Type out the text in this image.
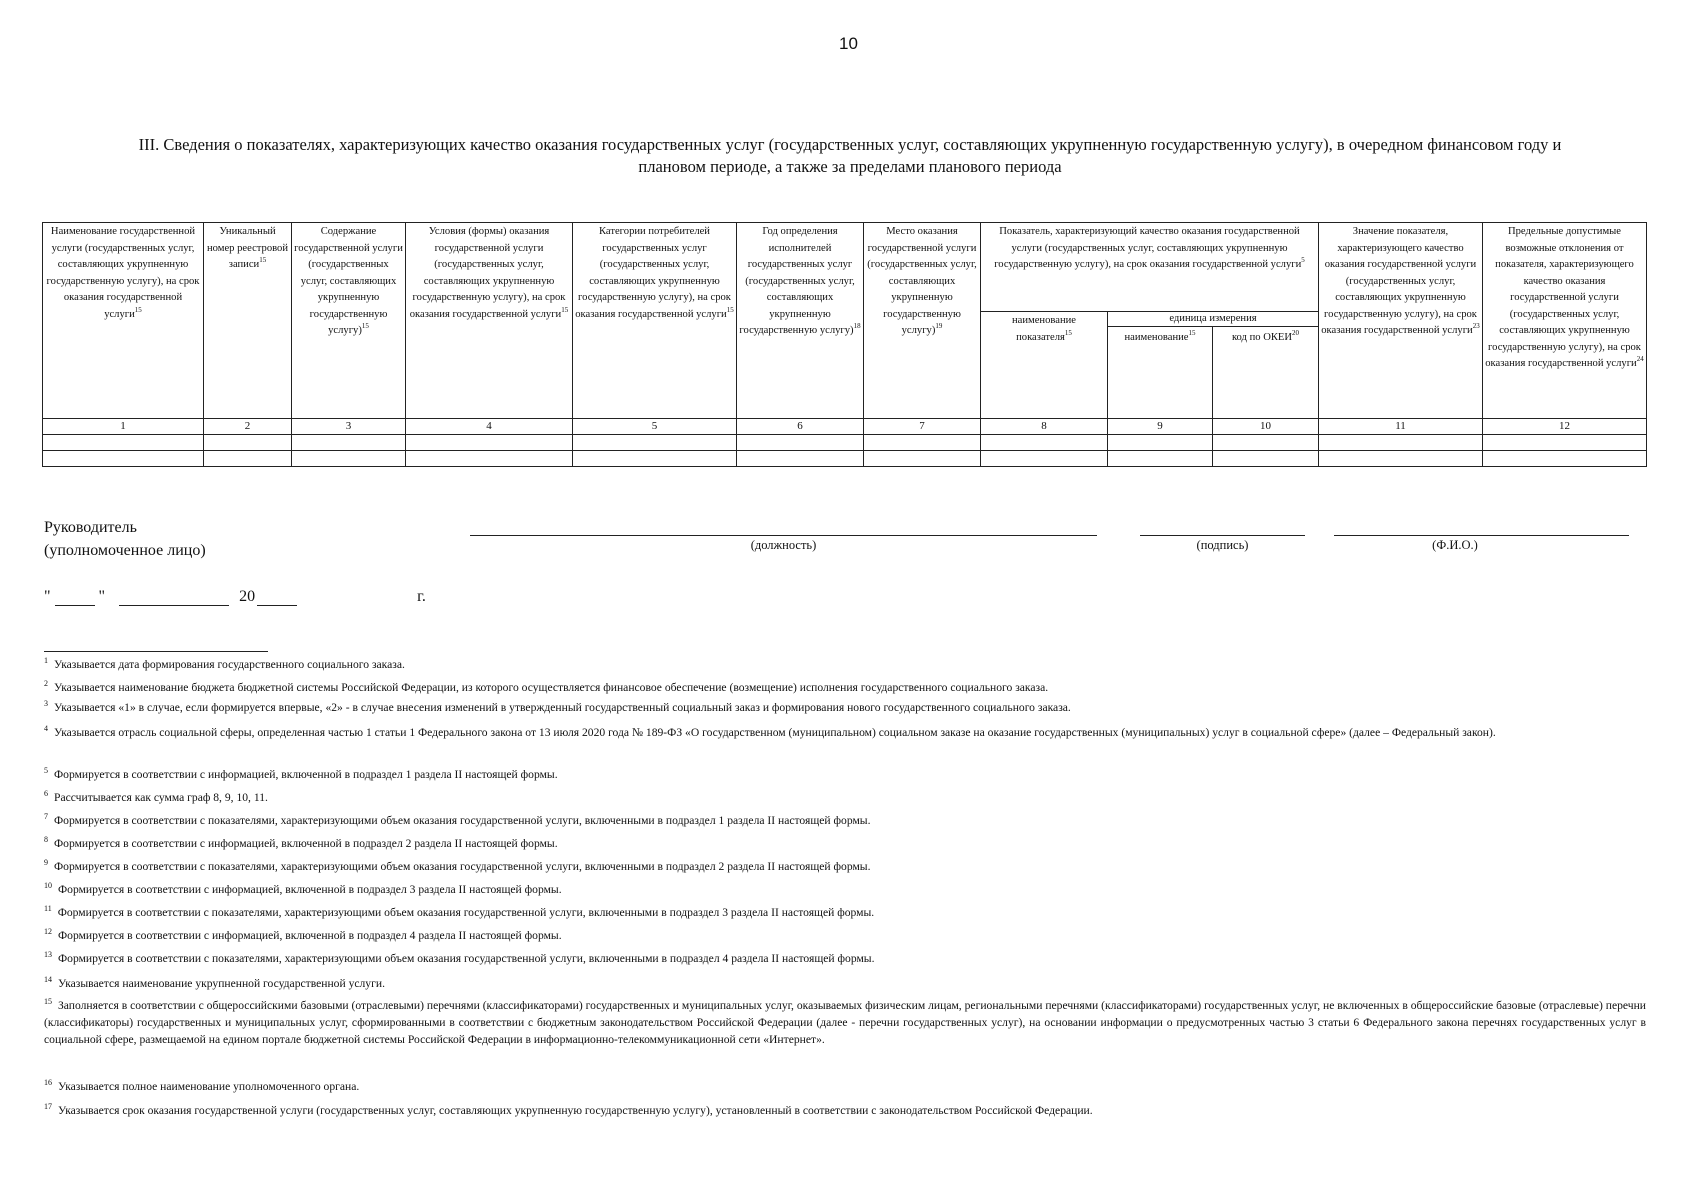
10
III. Сведения о показателях, характеризующих качество оказания государственных услуг (государственных услуг, составляющих укрупненную государственную услугу), в очередном финансовом году и
плановом периоде, а также за пределами планового периода
Наименование государственной услуги (государственных услуг, составляющих укрупненную государственную услугу), на срок оказания государственной услуги$^{15}$	Уникальный номер реестровой записи$^{15}$	Содержание государственной услуги (государственных услуг, составляющих укрупненную государственную услугу)$^{15}$	Условия (формы) оказания государственной услуги (государственных услуг, составляющих укрупненную государственную услугу), на срок оказания государственной услуги$^{15}$	Категории потребителей государственных услуг (государственных услуг, составляющих укрупненную государственную услугу), на срок оказания государственной услуги$^{15}$	Год определения исполнителей государственных услуг (государственных услуг, составляющих укрупненную государственную услугу)$^{18}$	Место оказания государственной услуги (государственных услуг, составляющих укрупненную государственную услугу)$^{19}$	Показатель, характеризующий качество оказания государственной услуги (государственных услуг, составляющих укрупненную государственную услугу), на срок оказания государственной услуги$^5$			Значение показателя, характеризующего качество оказания государственной услуги (государственных услуг, составляющих укрупненную государственную услугу), на срок оказания государственной услуги$^{23}$	Предельные допустимые возможные отклонения от показателя, характеризующего качество оказания государственной услуги (государственных услуг, составляющих укрупненную государственную услугу), на срок оказания государственной услуги$^{24}$
							наименование показателя$^{15}$	единица измерения			
								наименование$^{15}$	код по ОКЕИ$^{20}$
1	2	3	4	5	6	7	8	9	10	11	12

Руководитель
(уполномоченное лицо)	(должность)	(подпись)	(Ф.И.О.)
"	"	20	г.
$^1$ Указывается дата формирования государственного социального заказа.
$^2$ Указывается наименование бюджета бюджетной системы Российской Федерации, из которого осуществляется финансовое обеспечение (возмещение) исполнения государственного социального заказа.
$^3$ Указывается «1» в случае, если формируется впервые, «2» - в случае внесения изменений в утвержденный государственный социальный заказ и формирования нового государственного социального заказа.
$^4$ Указывается отрасль социальной сферы, определенная частью 1 статьи 1 Федерального закона от 13 июля 2020 года № 189-ФЗ «О государственном (муниципальном) социальном заказе на оказание государственных (муниципальных) услуг в социальной сфере» (далее – Федеральный закон).
$^5$ Формируется в соответствии с информацией, включенной в подраздел 1 раздела II настоящей формы.
$^6$ Рассчитывается как сумма граф 8, 9, 10, 11.
$^7$ Формируется в соответствии с показателями, характеризующими объем оказания государственной услуги, включенными в подраздел 1 раздела II настоящей формы.
$^8$ Формируется в соответствии с информацией, включенной в подраздел 2 раздела II настоящей формы.
$^9$ Формируется в соответствии с показателями, характеризующими объем оказания государственной услуги, включенными в подраздел 2 раздела II настоящей формы.
$^{10}$ Формируется в соответствии с информацией, включенной в подраздел 3 раздела II настоящей формы.
$^{11}$ Формируется в соответствии с показателями, характеризующими объем оказания государственной услуги, включенными в подраздел 3 раздела II настоящей формы.
$^{12}$ Формируется в соответствии с информацией, включенной в подраздел 4 раздела II настоящей формы.
$^{13}$ Формируется в соответствии с показателями, характеризующими объем оказания государственной услуги, включенными в подраздел 4 раздела II настоящей формы.
$^{14}$ Указывается наименование укрупненной государственной услуги.
$^{15}$ Заполняется в соответствии с общероссийскими базовыми (отраслевыми) перечнями (классификаторами) государственных и муниципальных услуг, оказываемых физическим лицам, региональными перечнями (классификаторами) государственных услуг, не включенных в общероссийские базовые (отраслевые) перечни (классификаторы) государственных и муниципальных услуг, сформированными в соответствии с бюджетным законодательством Российской Федерации (далее - перечни государственных услуг), на основании информации о предусмотренных частью 3 статьи 6 Федерального закона перечнях государственных услуг в социальной сфере, размещаемой на едином портале бюджетной системы Российской Федерации в информационно-телекоммуникационной сети «Интернет».
$^{16}$ Указывается полное наименование уполномоченного органа.
$^{17}$ Указывается срок оказания государственной услуги (государственных услуг, составляющих укрупненную государственную услугу), установленный в соответствии с законодательством Российской Федерации.
